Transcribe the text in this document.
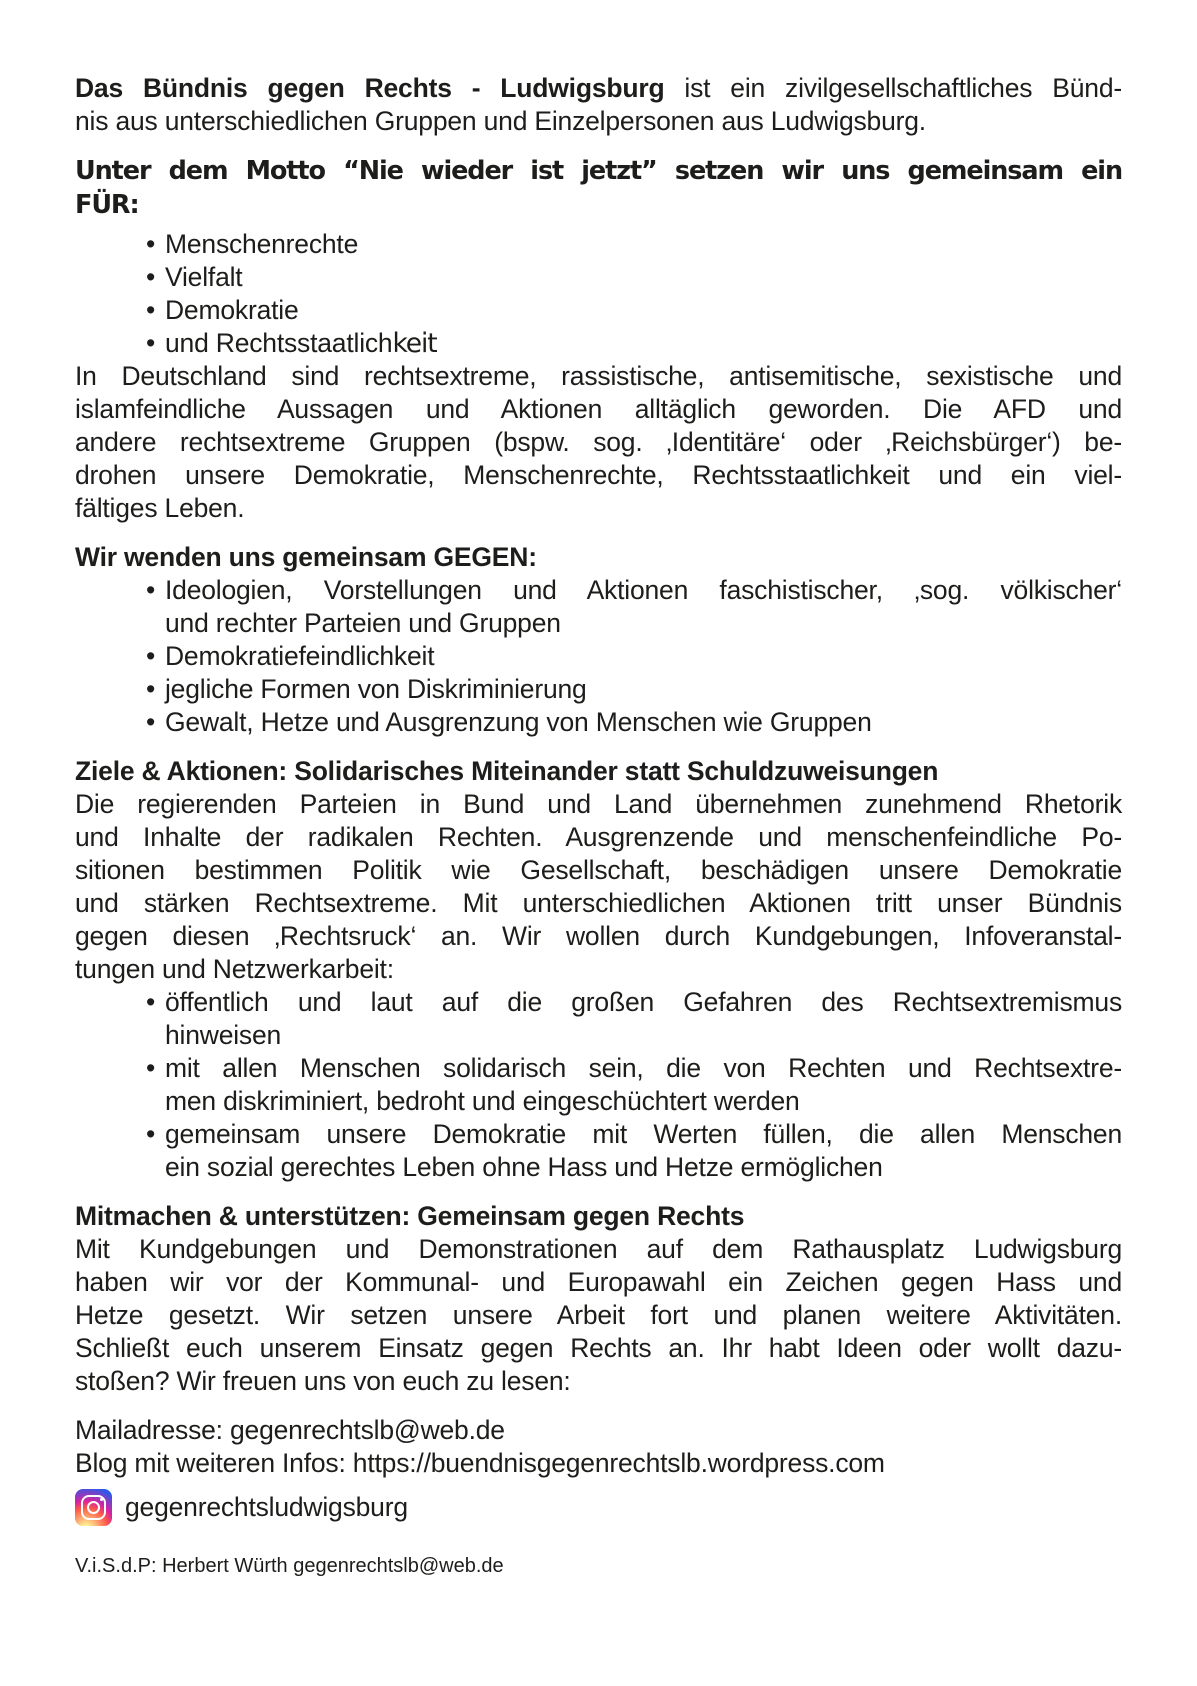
Das Bündnis gegen Rechts - Ludwigsburg ist ein zivilgesellschaftliches Bünd-
nis aus unterschiedlichen Gruppen und Einzelpersonen aus Ludwigsburg.
Unter dem Motto “Nie wieder ist jetzt” setzen wir uns gemeinsam ein
FÜR:
• Menschenrechte
• Vielfalt
• Demokratie
• und Rechtsstaatlichkeit
In Deutschland sind rechtsextreme, rassistische, antisemitische, sexistische und
islamfeindliche Aussagen und Aktionen alltäglich geworden. Die AFD und
andere rechtsextreme Gruppen (bspw. sog. ‚Identitäre‘ oder ‚Reichsbürger‘) be-
drohen unsere Demokratie, Menschenrechte, Rechtsstaatlichkeit und ein viel-
fältiges Leben.
Wir wenden uns gemeinsam GEGEN:
• Ideologien, Vorstellungen und Aktionen faschistischer, ‚sog. völkischer‘
und rechter Parteien und Gruppen
• Demokratiefeindlichkeit
• jegliche Formen von Diskriminierung
• Gewalt, Hetze und Ausgrenzung von Menschen wie Gruppen
Ziele & Aktionen: Solidarisches Miteinander statt Schuldzuweisungen
Die regierenden Parteien in Bund und Land übernehmen zunehmend Rhetorik
und Inhalte der radikalen Rechten. Ausgrenzende und menschenfeindliche Po-
sitionen bestimmen Politik wie Gesellschaft, beschädigen unsere Demokratie
und stärken Rechtsextreme. Mit unterschiedlichen Aktionen tritt unser Bündnis
gegen diesen ‚Rechtsruck‘ an. Wir wollen durch Kundgebungen, Infoveranstal-
tungen und Netzwerkarbeit:
• öffentlich und laut auf die großen Gefahren des Rechtsextremismus
hinweisen
• mit allen Menschen solidarisch sein, die von Rechten und Rechtsextre-
men diskriminiert, bedroht und eingeschüchtert werden
• gemeinsam unsere Demokratie mit Werten füllen, die allen Menschen
ein sozial gerechtes Leben ohne Hass und Hetze ermöglichen
Mitmachen & unterstützen: Gemeinsam gegen Rechts
Mit Kundgebungen und Demonstrationen auf dem Rathausplatz Ludwigsburg
haben wir vor der Kommunal- und Europawahl ein Zeichen gegen Hass und
Hetze gesetzt. Wir setzen unsere Arbeit fort und planen weitere Aktivitäten.
Schließt euch unserem Einsatz gegen Rechts an. Ihr habt Ideen oder wollt dazu-
stoßen? Wir freuen uns von euch zu lesen:
Mailadresse: gegenrechtslb@web.de
Blog mit weiteren Infos: https://buendnisgegenrechtslb.wordpress.com
gegenrechtsludwigsburg
V.i.S.d.P: Herbert Würth gegenrechtslb@web.de
